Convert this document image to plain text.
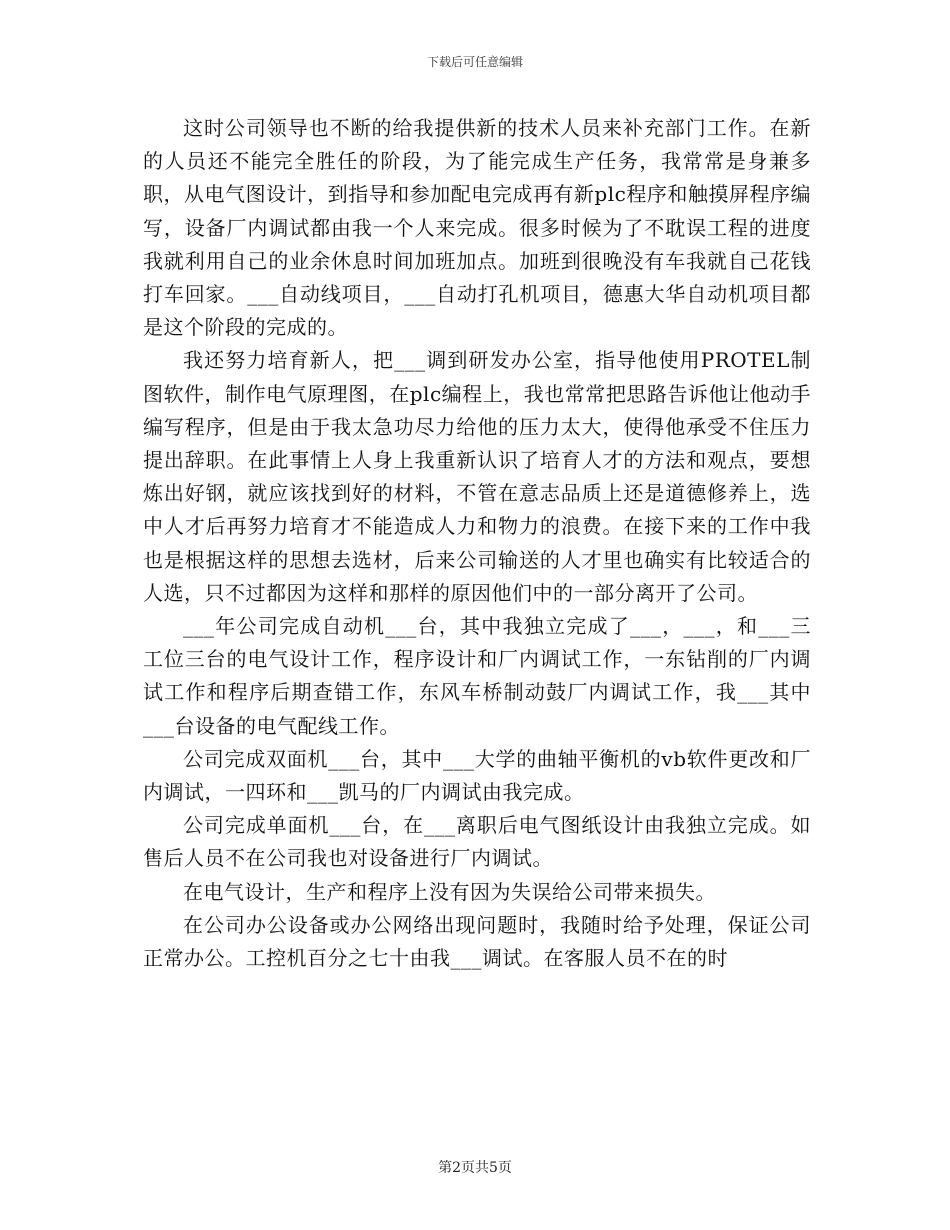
下载后可任意编辑

这时公司领导也不断的给我提供新的技术人员来补充部门工作。在新的人员还不能完全胜任的阶段，为了能完成生产任务，我常常是身兼多职，从电气图设计，到指导和参加配电完成再有新plc程序和触摸屏程序编写，设备厂内调试都由我一个人来完成。很多时候为了不耽误工程的进度我就利用自己的业余休息时间加班加点。加班到很晚没有车我就自己花钱打车回家。___自动线项目，___自动打孔机项目，德惠大华自动机项目都是这个阶段的完成的。

我还努力培育新人，把___调到研发办公室，指导他使用PROTEL制图软件，制作电气原理图，在plc编程上，我也常常把思路告诉他让他动手编写程序，但是由于我太急功尽力给他的压力太大，使得他承受不住压力提出辞职。在此事情上人身上我重新认识了培育人才的方法和观点，要想炼出好钢，就应该找到好的材料，不管在意志品质上还是道德修养上，选中人才后再努力培育才不能造成人力和物力的浪费。在接下来的工作中我也是根据这样的思想去选材，后来公司输送的人才里也确实有比较适合的人选，只不过都因为这样和那样的原因他们中的一部分离开了公司。

___年公司完成自动机___台，其中我独立完成了___，___，和___三工位三台的电气设计工作，程序设计和厂内调试工作，一东钻削的厂内调试工作和程序后期查错工作，东风车桥制动鼓厂内调试工作，我___其中___台设备的电气配线工作。

公司完成双面机___台，其中___大学的曲轴平衡机的vb软件更改和厂内调试，一四环和___凯马的厂内调试由我完成。

公司完成单面机___台，在___离职后电气图纸设计由我独立完成。如售后人员不在公司我也对设备进行厂内调试。

在电气设计，生产和程序上没有因为失误给公司带来损失。

在公司办公设备或办公网络出现问题时，我随时给予处理，保证公司正常办公。工控机百分之七十由我___调试。在客服人员不在的时

第2页共5页
